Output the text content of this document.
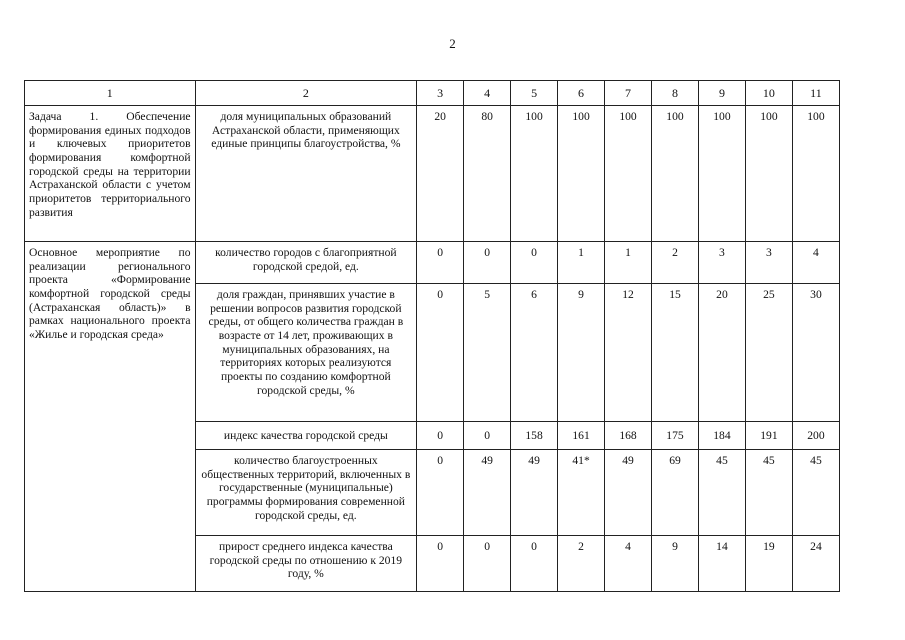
2
1	2	3	4	5	6	7	8	9	10	11
Задача 1. Обеспечение формирования единых подходов и ключевых приоритетов формирования комфортной городской среды на территории Астраханской области с учетом приоритетов территориального развития	доля муниципальных образований Астраханской области, применяющих единые принципы благоустройства, %	20	80	100	100	100	100	100	100	100
Основное мероприятие по реализации регионального проекта «Формирование комфортной городской среды (Астраханская область)» в рамках национального проекта «Жилье и городская среда»	количество городов с благоприятной городской средой, ед.	0	0	0	1	1	2	3	3	4
	доля граждан, принявших участие в решении вопросов развития городской среды, от общего количества граждан в возрасте от 14 лет, проживающих в муниципальных образованиях, на территориях которых реализуются проекты по созданию комфортной городской среды, %	0	5	6	9	12	15	20	25	30
	индекс качества городской среды	0	0	158	161	168	175	184	191	200
	количество благоустроенных общественных территорий, включенных в государственные (муниципальные) программы формирования современной городской среды, ед.	0	49	49	41*	49	69	45	45	45
	прирост среднего индекса качества городской среды по отношению к 2019 году, %	0	0	0	2	4	9	14	19	24
